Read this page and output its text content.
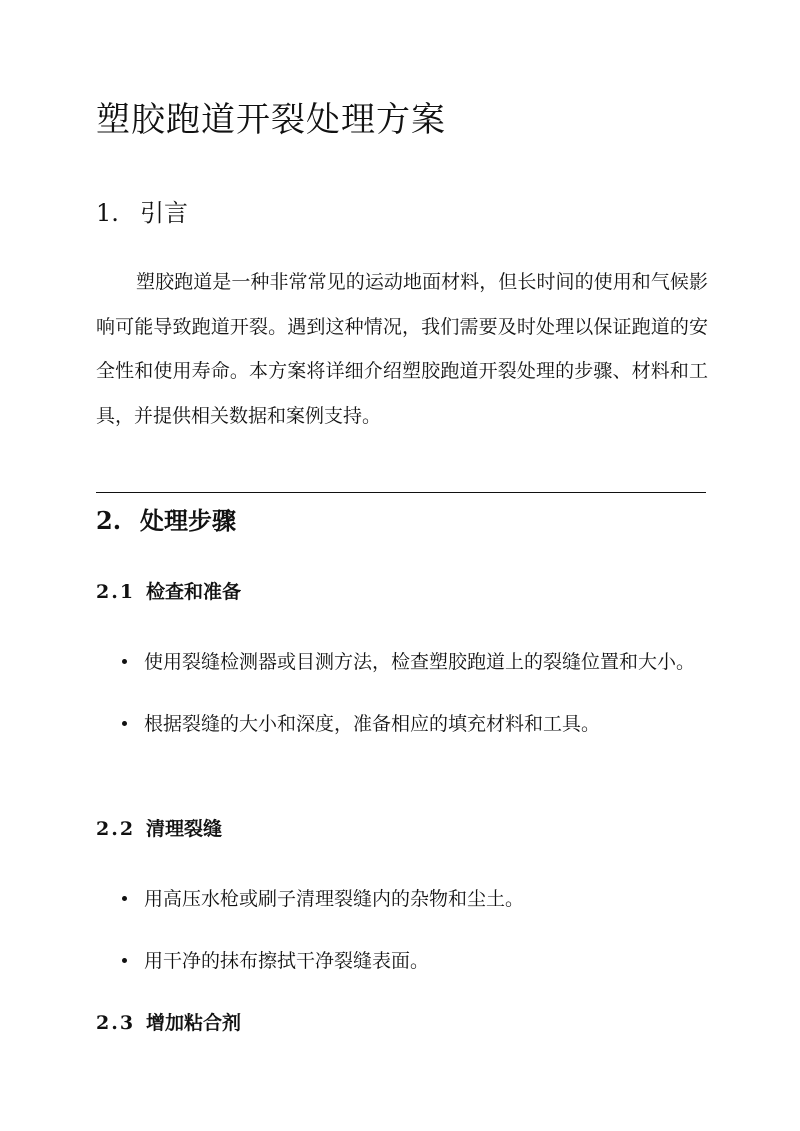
塑胶跑道开裂处理方案
1. 引言

塑胶跑道是一种非常常见的运动地面材料，但长时间的使用和气候影响可能导致跑道开裂。遇到这种情况，我们需要及时处理以保证跑道的安全性和使用寿命。本方案将详细介绍塑胶跑道开裂处理的步骤、材料和工具，并提供相关数据和案例支持。

2. 处理步骤
2.1 检查和准备
使用裂缝检测器或目测方法，检查塑胶跑道上的裂缝位置和大小。
根据裂缝的大小和深度，准备相应的填充材料和工具。
2.2 清理裂缝
用高压水枪或刷子清理裂缝内的杂物和尘土。
用干净的抹布擦拭干净裂缝表面。
2.3 增加粘合剂
